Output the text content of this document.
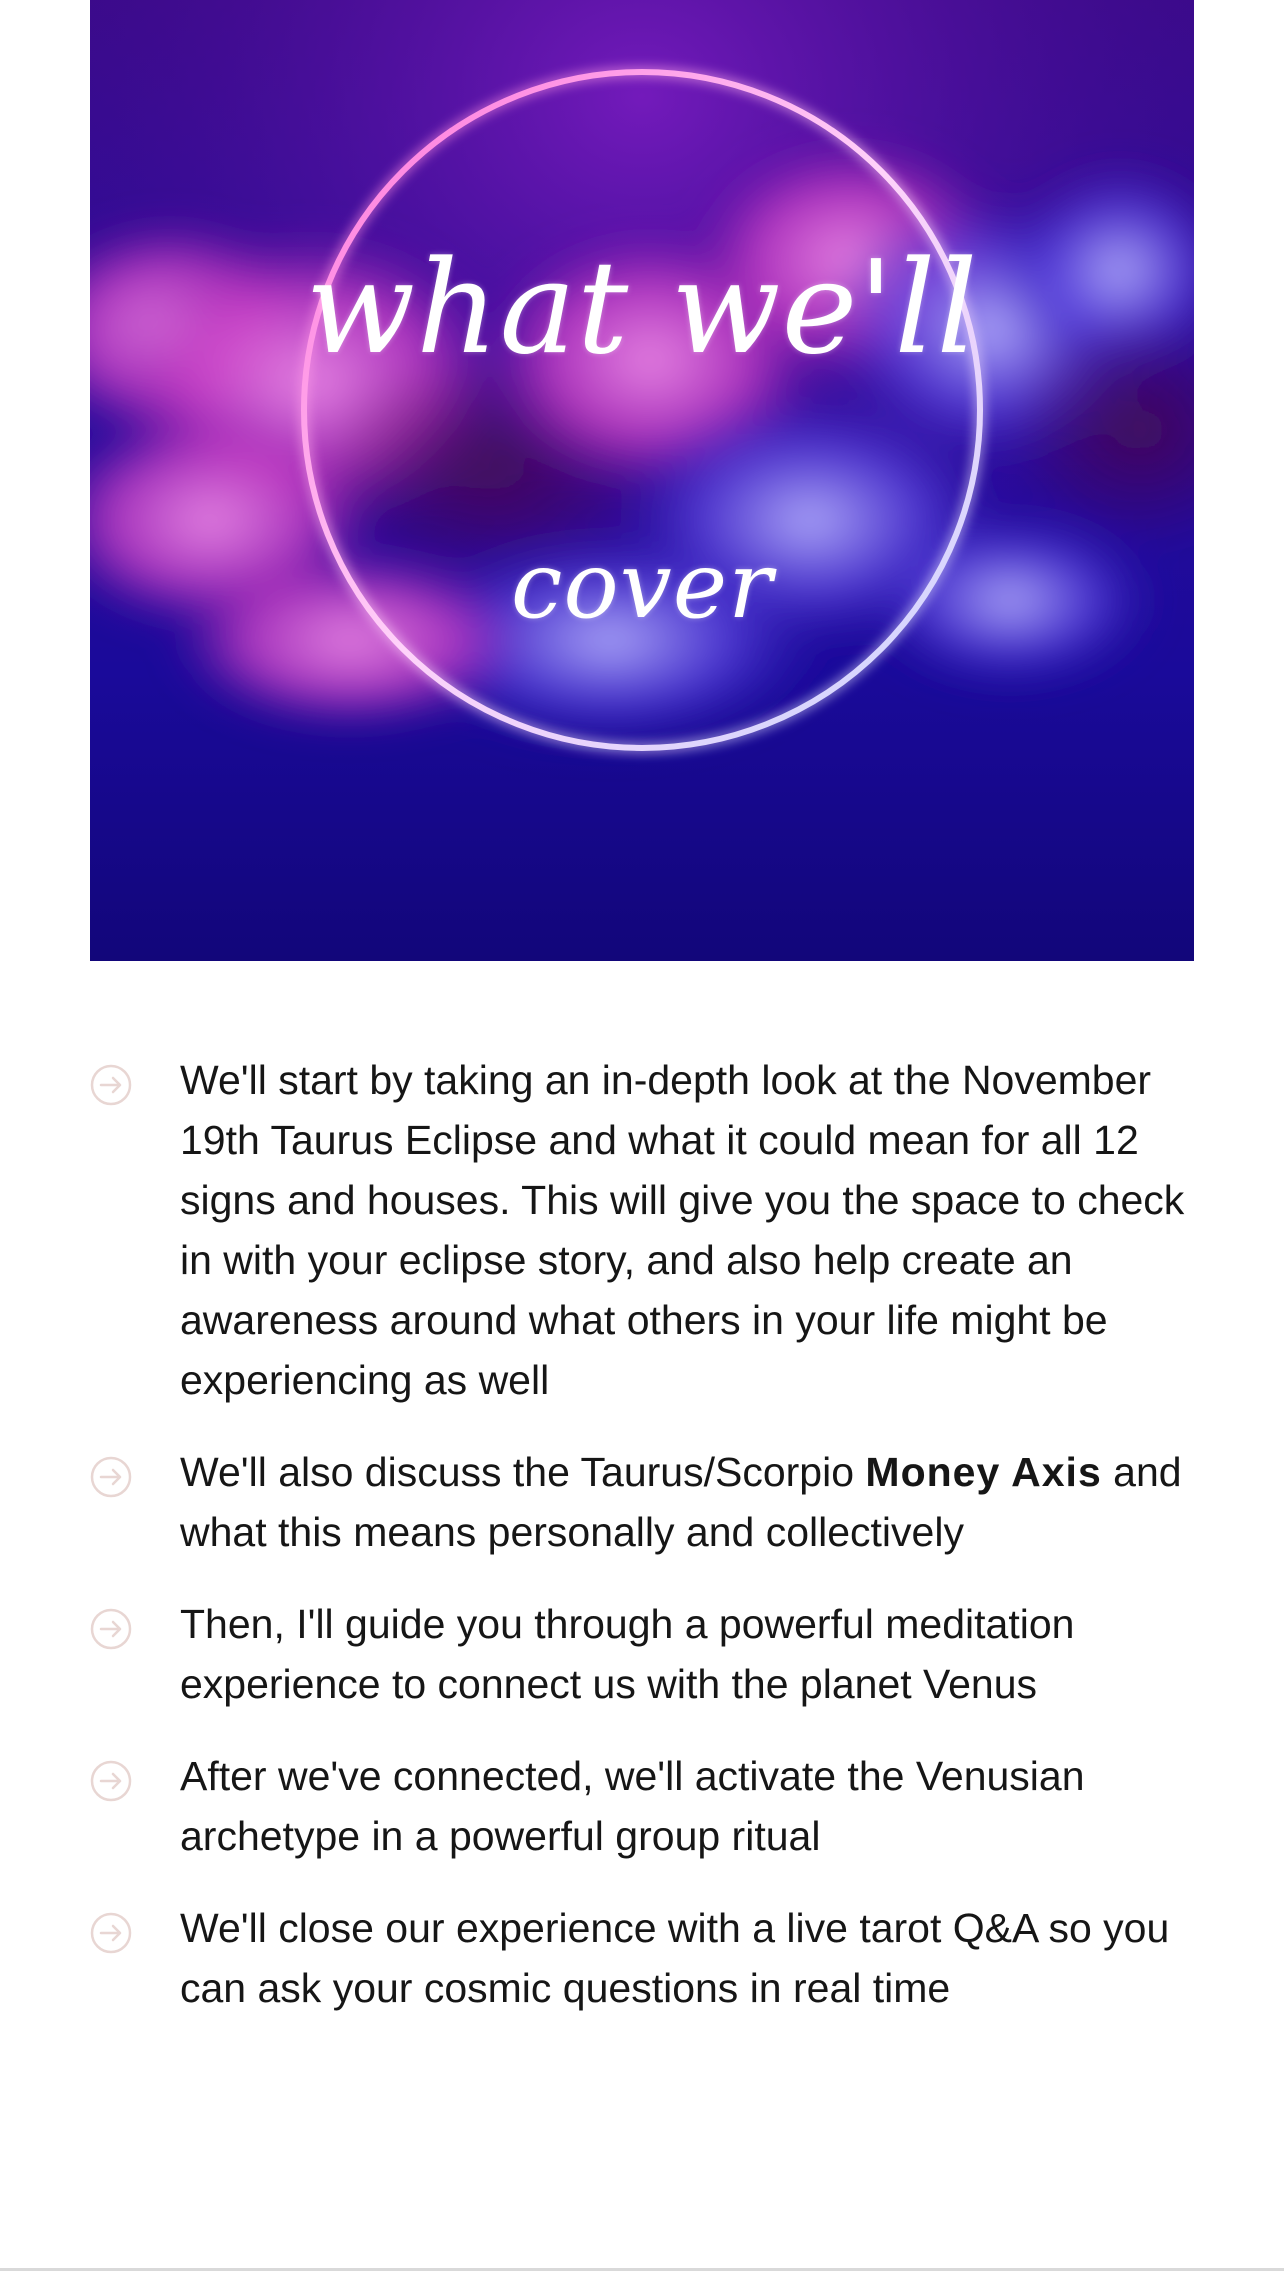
what we'll
cover
We'll start by taking an in-depth look at the November 19th Taurus Eclipse and what it could mean for all 12 signs and houses. This will give you the space to check in with your eclipse story, and also help create an awareness around what others in your life might be experiencing as well
We'll also discuss the Taurus/Scorpio Money Axis and what this means personally and collectively
Then, I'll guide you through a powerful meditation experience to connect us with the planet Venus
After we've connected, we'll activate the Venusian archetype in a powerful group ritual
We'll close our experience with a live tarot Q&A so you can ask your cosmic questions in real time
